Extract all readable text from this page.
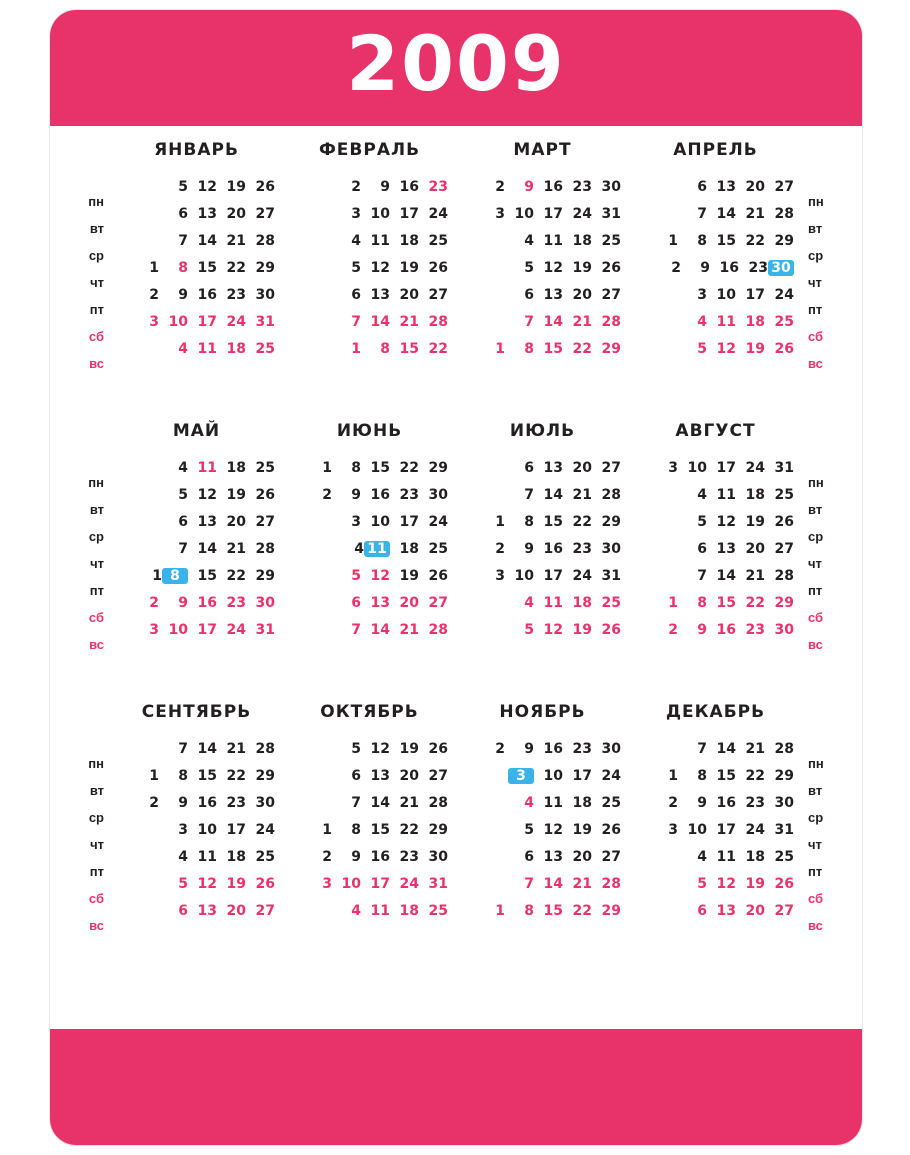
2009
пн
вт
ср
чт
пт
сб
вс
ЯНВАРЬ

5 12 19 26

6 13 20 27

7 14 21 28
1	8 15 22 29
2	9 16 23 30
3 10 17 24 31
4 11 18 25
ФЕВРАЛЬ
2	9 16 23
3 10 17 24
4 11 18 25
5 12 19 26
6 13 20 27
7 14 21 28
1	8 15 22
МАРТ
2	9 16 23 30
3 10 17 24 31
4 11 18 25
5 12 19 26
6 13 20 27
7 14 21 28
1	8 15 22 29
АПРЕЛЬ
6 13 20 27
7 14 21 28
1	8 15 22 29
2	9 16 23 30
3 10 17 24
4 11 18 25
5 12 19 26
пн
вт
ср
чт
пт
сб
вс
пн
вт
ср
чт
пт
сб
вс
МАЙ
4 11 18 25
5 12 19 26
6 13 20 27
7 14 21 28
1 8	15 22 29
2	9 16 23 30
3 10 17 24 31
ИЮНЬ
1	8 15 22 29
2	9 16 23 30
3 10 17 24
4 11 18 25
5 12 19 26
6 13 20 27
7 14 21 28
ИЮЛЬ
6 13 20 27
7 14 21 28
1	8 15 22 29
2	9 16 23 30
3 10 17 24 31
4 11 18 25
5 12 19 26
АВГУСТ
3 10 17 24 31
4 11 18 25
5 12 19 26
6 13 20 27
7 14 21 28
1	8 15 22 29
2	9 16 23 30
пн
вт
ср
чт
пт
сб
вс
пн
вт
ср
чт
пт
сб
вс
СЕНТЯБРЬ
7 14 21 28
1	8 15 22 29
2	9 16 23 30
3 10 17 24
4 11 18 25
5 12 19 26
6 13 20 27
ОКТЯБРЬ
5 12 19 26
6 13 20 27
7 14 21 28
1	8 15 22 29
2	9 16 23 30
3 10 17 24 31
4 11 18 25
НОЯБРЬ
2	9 16 23 30
3	10 17 24
4 11 18 25
5 12 19 26
6 13 20 27
7 14 21 28
1	8 15 22 29
ДЕКАБРЬ
7 14 21 28
1	8 15 22 29
2	9 16 23 30
3 10 17 24 31
4 11 18 25
5 12 19 26
6 13 20 27
пн
вт
ср
чт
пт
сб
вс
